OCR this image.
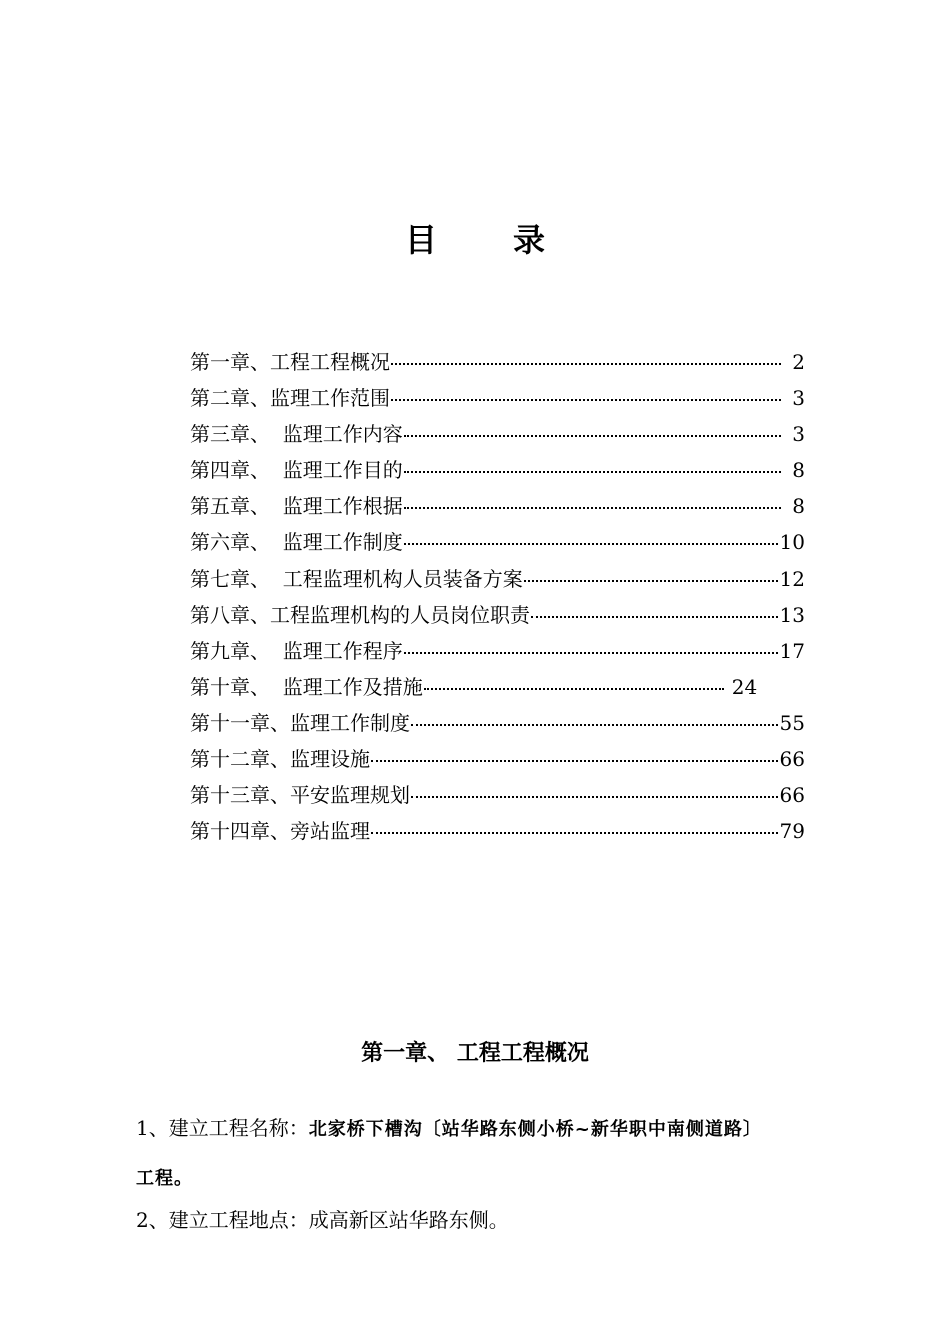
目 录
第一章、工程工程概况	2
第二章、监理工作范围	3
第三章、  监理工作内容	3
第四章、  监理工作目的	8
第五章、  监理工作根据	8
第六章、  监理工作制度	10
第七章、  工程监理机构人员装备方案	12
第八章、工程监理机构的人员岗位职责	13
第九章、  监理工作程序	17
第十章、  监理工作及措施	24
第十一章、监理工作制度	55
第十二章、监理设施	66
第十三章、平安监理规划	66
第十四章、旁站监理	79
第一章、 工程工程概况
1、建立工程名称：北家桥下槽沟〔站华路东侧小桥~新华职中南侧道路〕
工程。
2、建立工程地点：成高新区站华路东侧。
